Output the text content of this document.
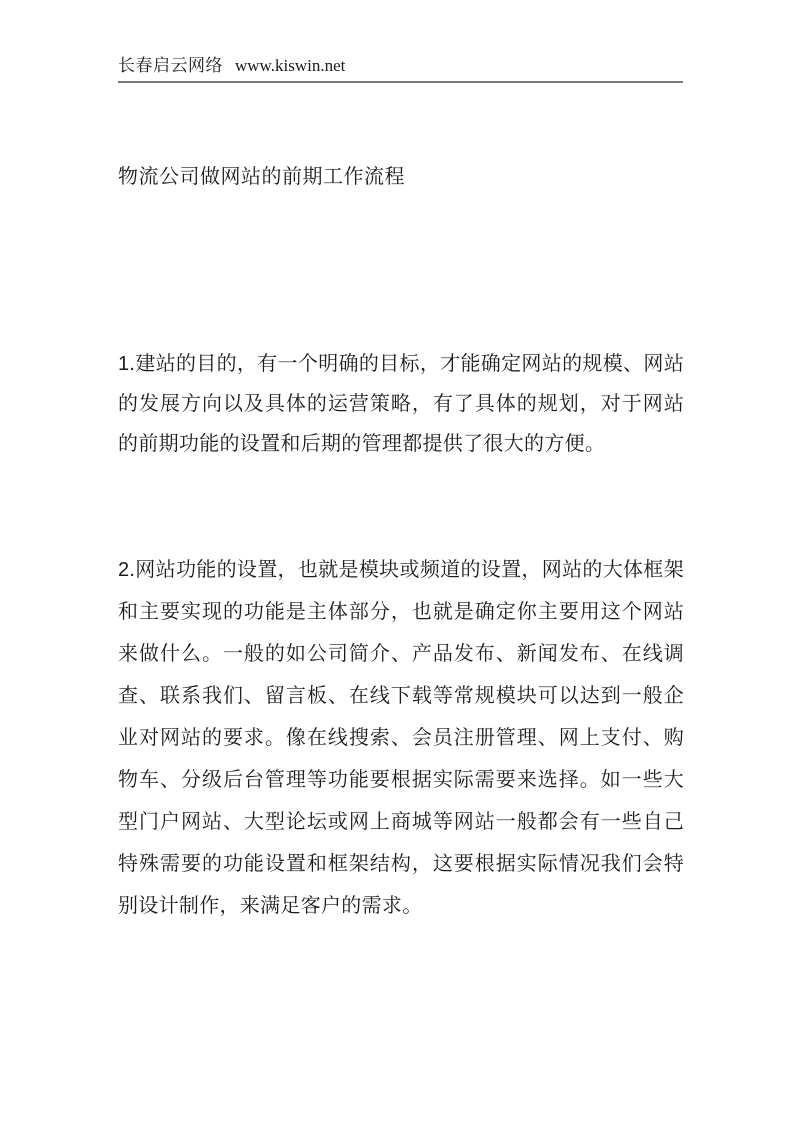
长春启云网络 www.kiswin.net
物流公司做网站的前期工作流程

1.建站的目的，有一个明确的目标，才能确定网站的规模、网站的发展方向以及具体的运营策略，有了具体的规划，对于网站的前期功能的设置和后期的管理都提供了很大的方便。

2.网站功能的设置，也就是模块或频道的设置，网站的大体框架和主要实现的功能是主体部分，也就是确定你主要用这个网站来做什么。一般的如公司简介、产品发布、新闻发布、在线调查、联系我们、留言板、在线下载等常规模块可以达到一般企业对网站的要求。像在线搜索、会员注册管理、网上支付、购物车、分级后台管理等功能要根据实际需要来选择。如一些大型门户网站、大型论坛或网上商城等网站一般都会有一些自己特殊需要的功能设置和框架结构，这要根据实际情况我们会特别设计制作，来满足客户的需求。
